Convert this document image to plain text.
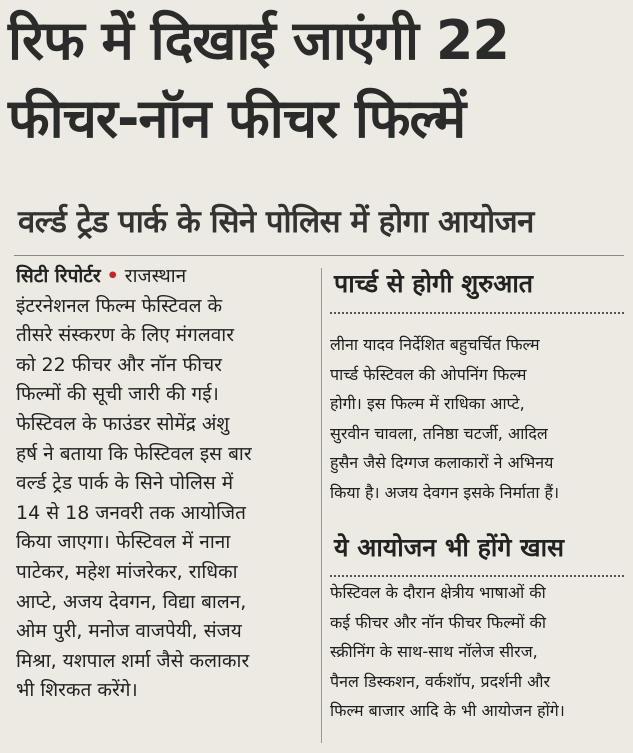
रिफ में दिखाई जाएंगी 22
फीचर-नॉन फीचर फिल्में
वर्ल्ड ट्रेड पार्क के सिने पोलिस में होगा आयोजन
सिटी रिपोर्टर • राजस्थान
इंटरनेशनल फिल्म फेस्टिवल के
तीसरे संस्करण के लिए मंगलवार
को 22 फीचर और नॉन फीचर
फिल्मों की सूची जारी की गई।
फेस्टिवल के फाउंडर सोमेंद्र अंशु
हर्ष ने बताया कि फेस्टिवल इस बार
वर्ल्ड ट्रेड पार्क के सिने पोलिस में
14 से 18 जनवरी तक आयोजित
किया जाएगा। फेस्टिवल में नाना
पाटेकर, महेश मांजरेकर, राधिका
आप्टे, अजय देवगन, विद्या बालन,
ओम पुरी, मनोज वाजपेयी, संजय
मिश्रा, यशपाल शर्मा जैसे कलाकार
भी शिरकत करेंगे।
पार्च्ड से होगी शुरुआत
लीना यादव निर्देशित बहुचर्चित फिल्म
पार्च्ड फेस्टिवल की ओपनिंग फिल्म
होगी। इस फिल्म में राधिका आप्टे,
सुरवीन चावला, तनिष्ठा चटर्जी, आदिल
हुसैन जैसे दिग्गज कलाकारों ने अभिनय
किया है। अजय देवगन इसके निर्माता हैं।
ये आयोजन भी होंगे खास
फेस्टिवल के दौरान क्षेत्रीय भाषाओं की
कई फीचर और नॉन फीचर फिल्मों की
स्क्रीनिंग के साथ-साथ नॉलेज सीरज,
पैनल डिस्कशन, वर्कशॉप, प्रदर्शनी और
फिल्म बाजार आदि के भी आयोजन होंगे।
